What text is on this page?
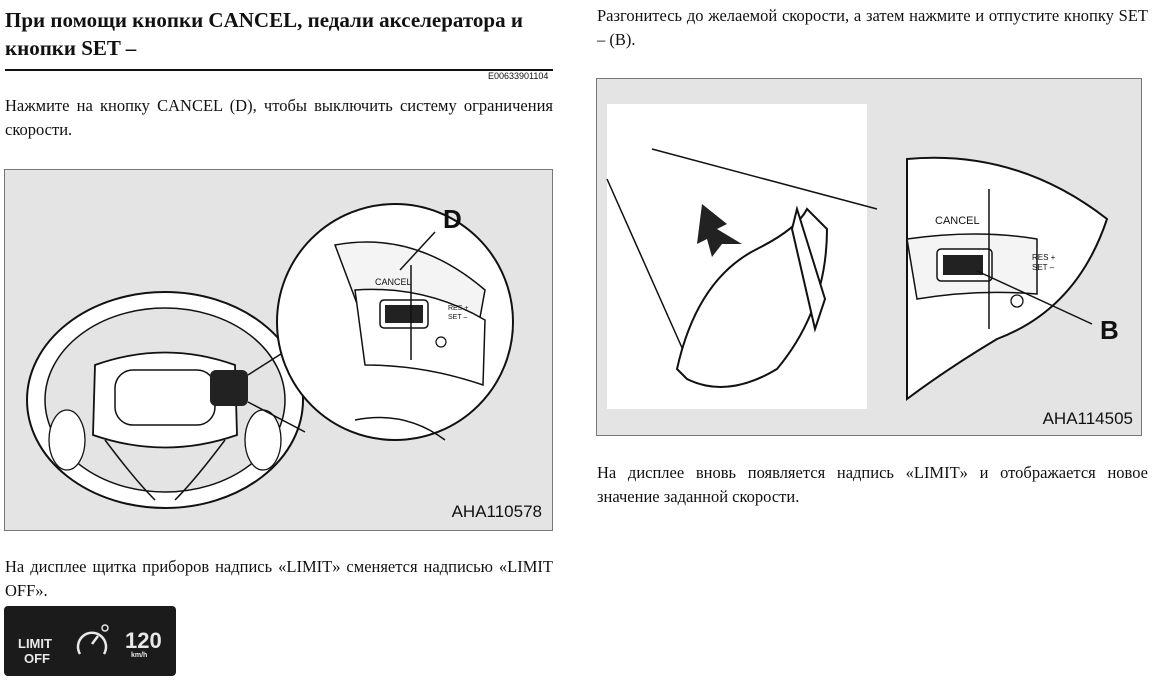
При помощи кнопки CANCEL, педали акселератора и кнопки SET –
E00633901104
Нажмите на кнопку CANCEL (D), чтобы выключить систему ограничения скорости.
D
CANCEL
RES +
SET –
AHA110578
На дисплее щитка приборов надпись «LIMIT» сменяется надписью «LIMIT OFF».
LIMIT
OFF
120
km/h
Разгонитесь до желаемой скорости, а затем нажмите и отпустите кнопку SET – (B).
CANCEL
RES +
SET –
B
AHA114505
На дисплее вновь появляется надпись «LIMIT» и отображается новое значение заданной скорости.
